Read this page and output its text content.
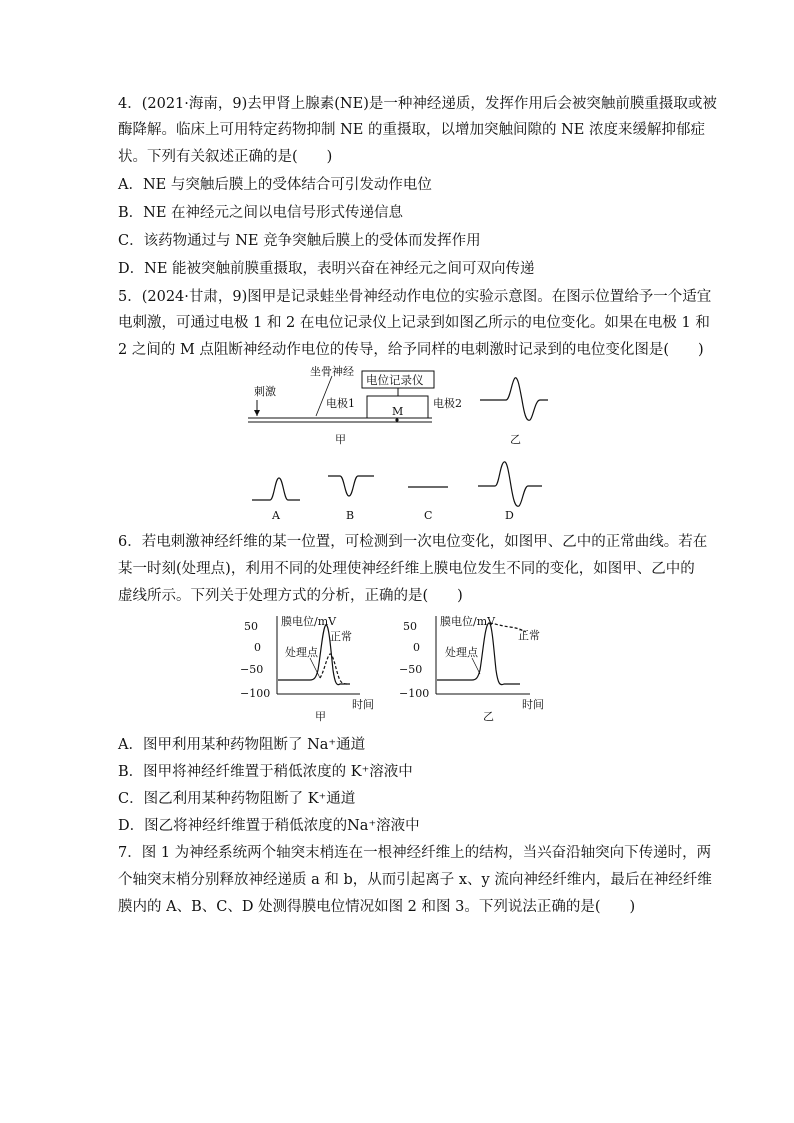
4．(2021·海南，9)去甲肾上腺素(NE)是一种神经递质，发挥作用后会被突触前膜重摄取或被
酶降解。临床上可用特定药物抑制 NE 的重摄取，以增加突触间隙的 NE 浓度来缓解抑郁症
状。下列有关叙述正确的是(　　)
A．NE 与突触后膜上的受体结合可引发动作电位
B．NE 在神经元之间以电信号形式传递信息
C．该药物通过与 NE 竞争突触后膜上的受体而发挥作用
D．NE 能被突触前膜重摄取，表明兴奋在神经元之间可双向传递
5．(2024·甘肃，9)图甲是记录蛙坐骨神经动作电位的实验示意图。在图示位置给予一个适宜
电刺激，可通过电极 1 和 2 在电位记录仪上记录到如图乙所示的电位变化。如果在电极 1 和
2 之间的 M 点阻断神经动作电位的传导，给予同样的电刺激时记录到的电位变化图是(　　)
坐骨神经
刺激
电位记录仪
电极1	电极2
M
甲	乙
A	B	C	D
6．若电刺激神经纤维的某一位置，可检测到一次电位变化，如图甲、乙中的正常曲线。若在
某一时刻(处理点)，利用不同的处理使神经纤维上膜电位发生不同的变化，如图甲、乙中的
虚线所示。下列关于处理方式的分析，正确的是(　　)
50
0
−50
−100
膜电位/mV
时间
正常
处理点
甲
50
0
−50
−100
膜电位/mV
时间
正常
处理点
乙
A．图甲利用某种药物阻断了 Na⁺通道
B．图甲将神经纤维置于稍低浓度的 K⁺溶液中
C．图乙利用某种药物阻断了 K⁺通道
D．图乙将神经纤维置于稍低浓度的Na⁺溶液中
7．图 1 为神经系统两个轴突末梢连在一根神经纤维上的结构，当兴奋沿轴突向下传递时，两
个轴突末梢分别释放神经递质 a 和 b，从而引起离子 x、y 流向神经纤维内，最后在神经纤维
膜内的 A、B、C、D 处测得膜电位情况如图 2 和图 3。下列说法正确的是(　　)
